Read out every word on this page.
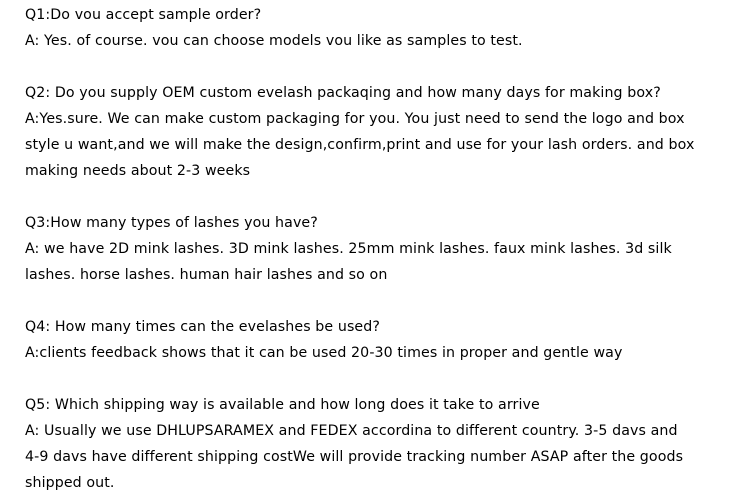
Q1:Do vou accept sample order?

A: Yes. of course. vou can choose models vou like as samples to test.

Q2: Do you supply OEM custom evelash packaqing and how many days for making box?

A:Yes.sure. We can make custom packaging for you. You just need to send the logo and box

style u want,and we will make the design,confirm,print and use for your lash orders. and box

making needs about 2-3 weeks

Q3:How many types of lashes you have?

A: we have 2D mink lashes. 3D mink lashes. 25mm mink lashes. faux mink lashes. 3d silk

lashes. horse lashes. human hair lashes and so on

Q4: How many times can the evelashes be used?

A:clients feedback shows that it can be used 20-30 times in proper and gentle way

Q5: Which shipping way is available and how long does it take to arrive

A: Usually we use DHLUPSARAMEX and FEDEX accordina to different country. 3-5 davs and

4-9 davs have different shipping costWe will provide tracking number ASAP after the goods

shipped out.
